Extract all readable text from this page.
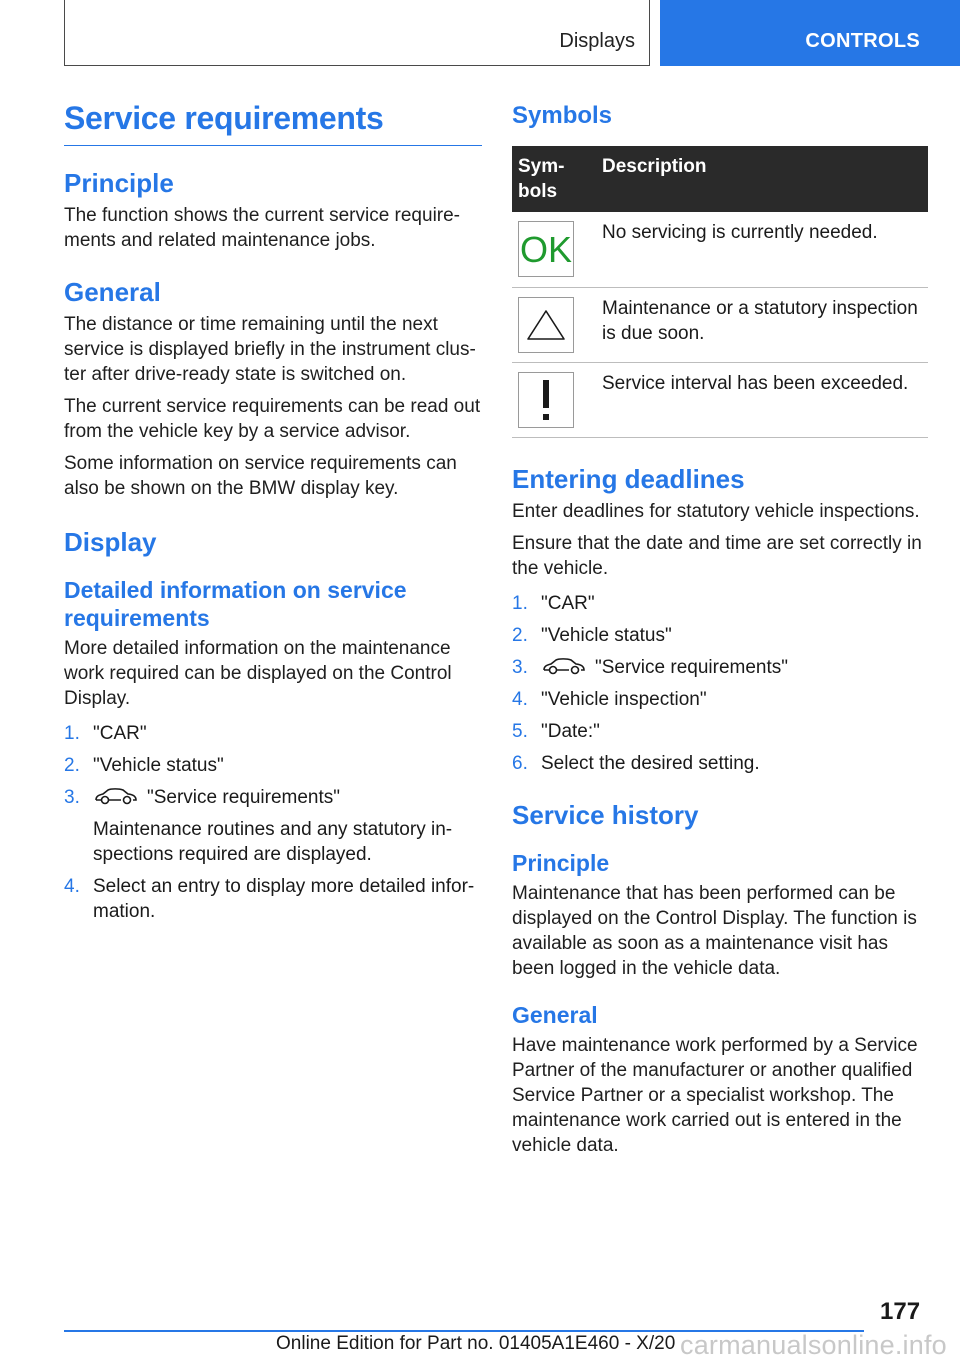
Displays	CONTROLS
Service requirements
Principle

The function shows the current service require-
ments and related maintenance jobs.

General

The distance or time remaining until the next service is displayed briefly in the instrument clus-ter after drive-ready state is switched on.

The current service requirements can be read out from the vehicle key by a service advisor.

Some information on service requirements can also be shown on the BMW display key.

Display
Detailed information on service requirements

More detailed information on the maintenance work required can be displayed on the Control Display.

1. "CAR"
2. "Vehicle status"
3.	"Service requirements"
Maintenance routines and any statutory in-spections required are displayed.
4. Select an entry to display more detailed infor-mation.
Symbols
Sym-bols	Description

OK	No servicing is currently needed.

	Maintenance or a statutory inspection is due soon.

	Service interval has been exceeded.
Entering deadlines

Enter deadlines for statutory vehicle inspections.

Ensure that the date and time are set correctly in the vehicle.

1. "CAR"
2. "Vehicle status"
3.	"Service requirements"
4. "Vehicle inspection"
5. "Date:"
6. Select the desired setting.
Service history
Principle

Maintenance that has been performed can be displayed on the Control Display. The function is available as soon as a maintenance visit has been logged in the vehicle data.

General

Have maintenance work performed by a Service Partner of the manufacturer or another qualified Service Partner or a specialist workshop. The maintenance work carried out is entered in the vehicle data.

177
Online Edition for Part no. 01405A1E460 - X/20 carmanualsonline.info
